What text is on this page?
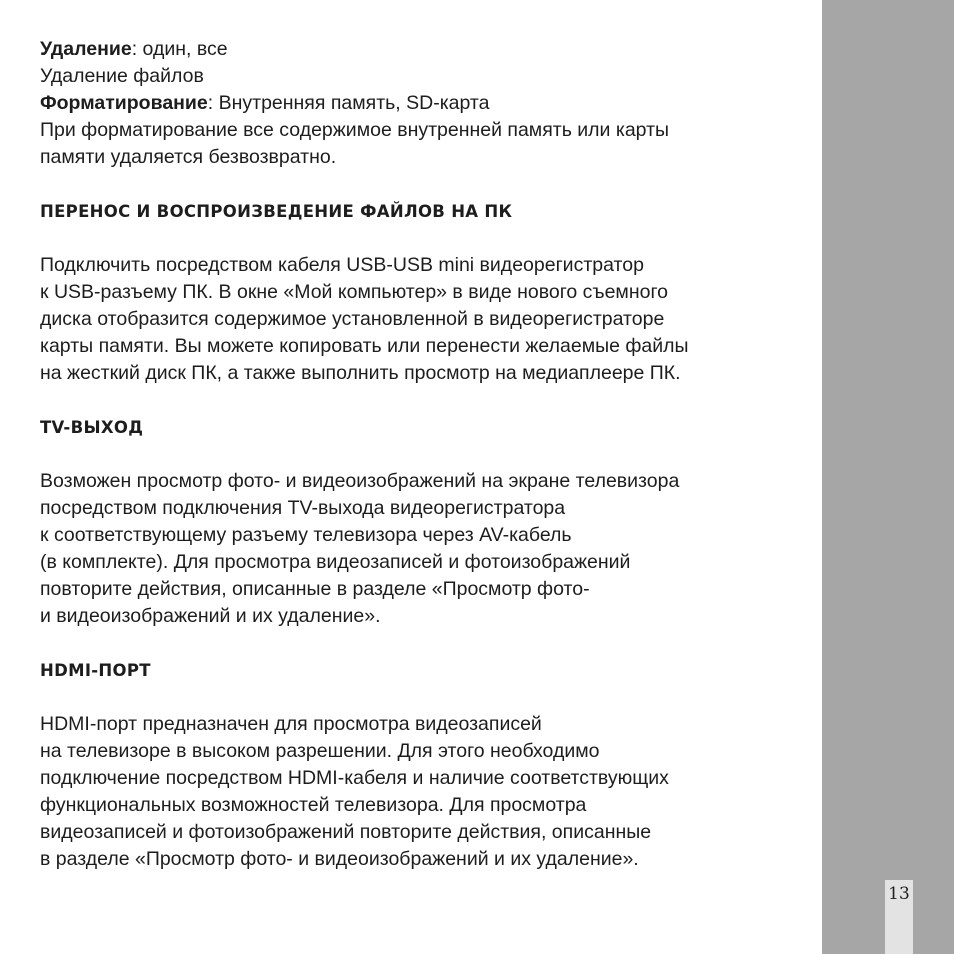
13
Удаление: один, все
Удаление файлов
Форматирование: Внутренняя память, SD-карта
При форматирование все содержимое внутренней память или карты
памяти удаляется безвозвратно.
ПЕРЕНОС И ВОСПРОИЗВЕДЕНИЕ ФАЙЛОВ НА ПК
Подключить посредством кабеля USB-USB mini видеорегистратор
к USB-разъему ПК. В окне «Мой компьютер» в виде нового съемного
диска отобразится содержимое установленной в видеорегистраторе
карты памяти. Вы можете копировать или перенести желаемые файлы
на жесткий диск ПК, а также выполнить просмотр на медиаплеере ПК.
TV-ВЫХОД
Возможен просмотр фото- и видеоизображений на экране телевизора
посредством подключения TV-выхода видеорегистратора
к соответствующему разъему телевизора через AV-кабель
(в комплекте). Для просмотра видеозаписей и фотоизображений
повторите действия, описанные в разделе «Просмотр фото-
и видеоизображений и их удаление».
HDMI-ПОРТ
HDMI-порт предназначен для просмотра видеозаписей
на телевизоре в высоком разрешении. Для этого необходимо
подключение посредством HDMI-кабеля и наличие соответствующих
функциональных возможностей телевизора. Для просмотра
видеозаписей и фотоизображений повторите действия, описанные
в разделе «Просмотр фото- и видеоизображений и их удаление».
